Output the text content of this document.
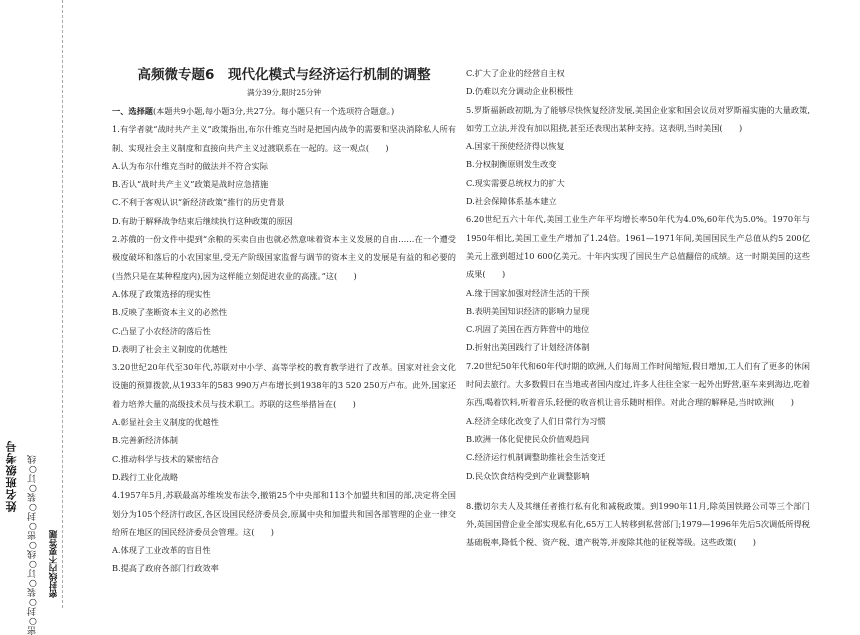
姓名班级考号 密○封○装○订○线○密○封○装○订○线 密封线内不要答题
高频微专题6　现代化模式与经济运行机制的调整
满分39分,限时25分钟
一、选择题(本题共9小题,每小题3分,共27分。每小题只有一个选项符合题意。)

1.有学者就“战时共产主义”政策指出,布尔什维克当时是把国内战争的需要和坚决消除私人所有制、实现社会主义制度和直接向共产主义过渡联系在一起的。这一观点(　　)

A.认为布尔什维克当时的做法并不符合实际

B.否认“战时共产主义”政策是战时应急措施

C.不利于客观认识“新经济政策”推行的历史背景

D.有助于解释战争结束后继续执行这种政策的原因

2.苏俄的一份文件中提到“余粮的买卖自由也就必然意味着资本主义发展的自由……在一个遭受极度破坏和落后的小农国家里,受无产阶级国家监督与调节的资本主义的发展是有益的和必要的(当然只是在某种程度内),因为这样能立刻促进农业的高涨。”这(　　)

A.体现了政策选择的现实性

B.反映了垄断资本主义的必然性

C.凸显了小农经济的落后性

D.表明了社会主义制度的优越性

3.20世纪20年代至30年代,苏联对中小学、高等学校的教育教学进行了改革。国家对社会文化设施的预算拨款,从1933年的583 990万卢布增长到1938年的3 520 250万卢布。此外,国家还着力培养大量的高级技术员与技术职工。苏联的这些举措旨在(　　)

A.彰显社会主义制度的优越性

B.完善新经济体制

C.推动科学与技术的紧密结合

D.践行工业化战略

4.1957年5月,苏联最高苏维埃发布法令,撤销25个中央部和113个加盟共和国的部,决定将全国划分为105个经济行政区,各区设国民经济委员会,原属中央和加盟共和国各部管理的企业一律交给所在地区的国民经济委员会管理。这(　　)

A.体现了工业改革的盲目性

B.提高了政府各部门行政效率

C.扩大了企业的经营自主权

D.仍难以充分调动企业积极性

5.罗斯福新政初期,为了能够尽快恢复经济发展,美国企业家和国会议员对罗斯福实施的大量政策,如劳工立法,并没有加以阻挠,甚至还表现出某种支持。这表明,当时美国(　　)

A.国家干预使经济得以恢复

B.分权制衡原则发生改变

C.现实需要总统权力的扩大

D.社会保障体系基本建立

6.20世纪五六十年代,美国工业生产年平均增长率50年代为4.0%,60年代为5.0%。1970年与1950年相比,美国工业生产增加了1.24倍。1961—1971年间,美国国民生产总值从约5 200亿美元上涨到超过10 600亿美元。十年内实现了国民生产总值翻倍的成绩。这一时期美国的这些成果(　　)

A.缘于国家加强对经济生活的干预

B.表明美国知识经济的影响力显现

C.巩固了美国在西方阵营中的地位

D.折射出美国践行了计划经济体制

7.20世纪50年代和60年代时期的欧洲,人们每周工作时间缩短,假日增加,工人们有了更多的休闲时间去旅行。大多数假日在当地或者国内度过,许多人往往全家一起外出野营,驱车来到海边,吃着东西,喝着饮料,听着音乐,轻便的收音机让音乐随时相伴。对此合理的解释是,当时欧洲(　　)

A.经济全球化改变了人们日常行为习惯

B.欧洲一体化促使民众价值观趋同

C.经济运行机制调整助推社会生活变迁

D.民众饮食结构受到产业调整影响

8.撒切尔夫人及其继任者推行私有化和减税政策。到1990年11月,除英国铁路公司等三个部门外,英国国营企业全部实现私有化,65万工人转移到私营部门;1979—1996年先后5次调低所得税基础税率,降低个税、资产税、遗产税等,并废除其他的征税等级。这些政策(　　)
